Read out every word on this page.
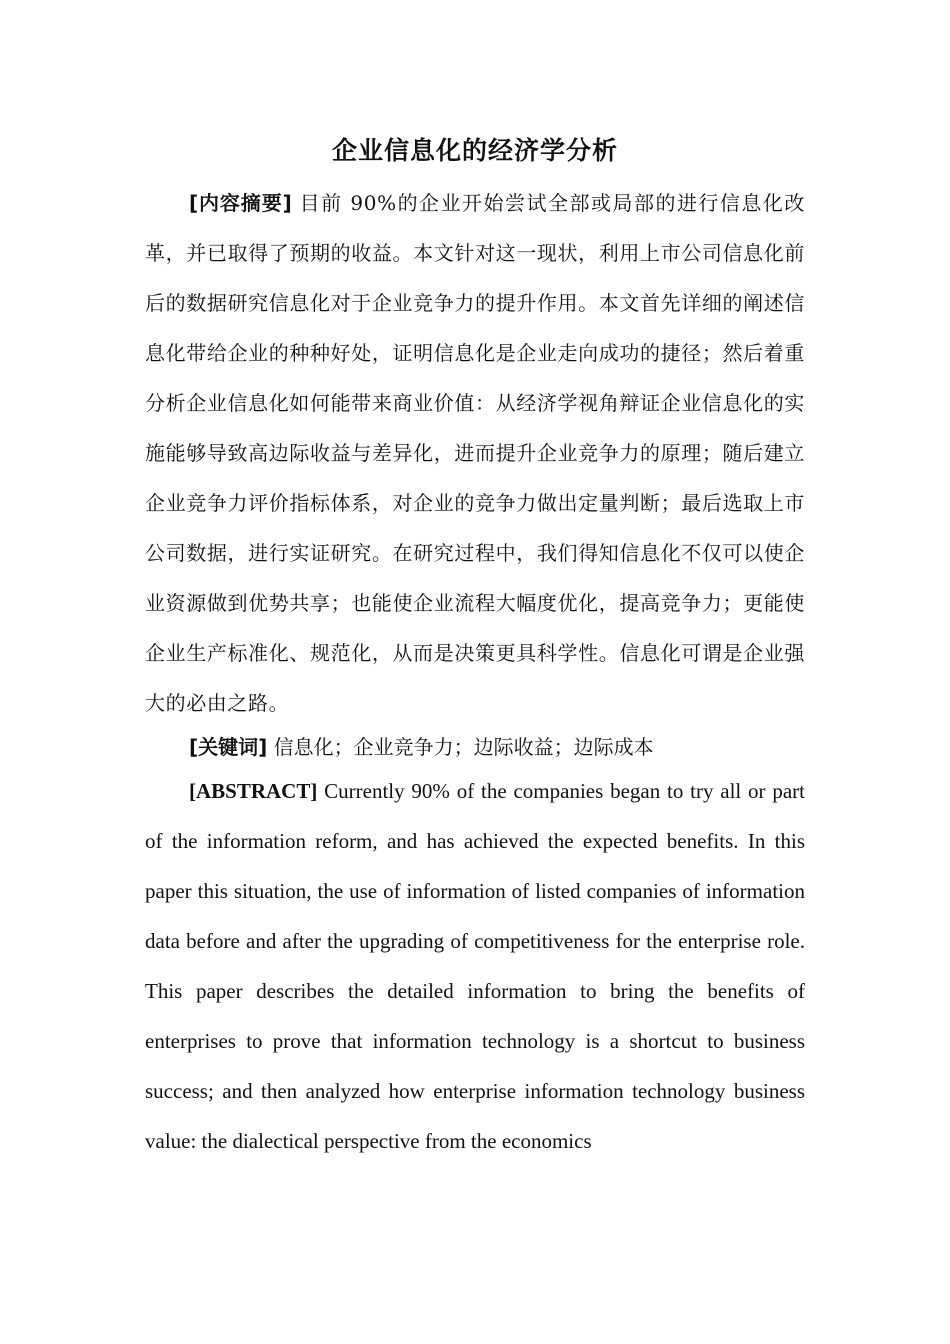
企业信息化的经济学分析

[内容摘要] 目前 90%的企业开始尝试全部或局部的进行信息化改革，并已取得了预期的收益。本文针对这一现状，利用上市公司信息化前后的数据研究信息化对于企业竞争力的提升作用。本文首先详细的阐述信息化带给企业的种种好处，证明信息化是企业走向成功的捷径；然后着重分析企业信息化如何能带来商业价值：从经济学视角辩证企业信息化的实施能够导致高边际收益与差异化，进而提升企业竞争力的原理；随后建立企业竞争力评价指标体系，对企业的竞争力做出定量判断；最后选取上市公司数据，进行实证研究。在研究过程中，我们得知信息化不仅可以使企业资源做到优势共享；也能使企业流程大幅度优化，提高竞争力；更能使企业生产标准化、规范化，从而是决策更具科学性。信息化可谓是企业强大的必由之路。

[关键词] 信息化；企业竞争力；边际收益；边际成本

[ABSTRACT] Currently 90% of the companies began to try all or part of the information reform, and has achieved the expected benefits. In this paper this situation, the use of information of listed companies of information data before and after the upgrading of competitiveness for the enterprise role. This paper describes the detailed information to bring the benefits of enterprises to prove that information technology is a shortcut to business success; and then analyzed how enterprise information technology business value: the dialectical perspective from the economics
